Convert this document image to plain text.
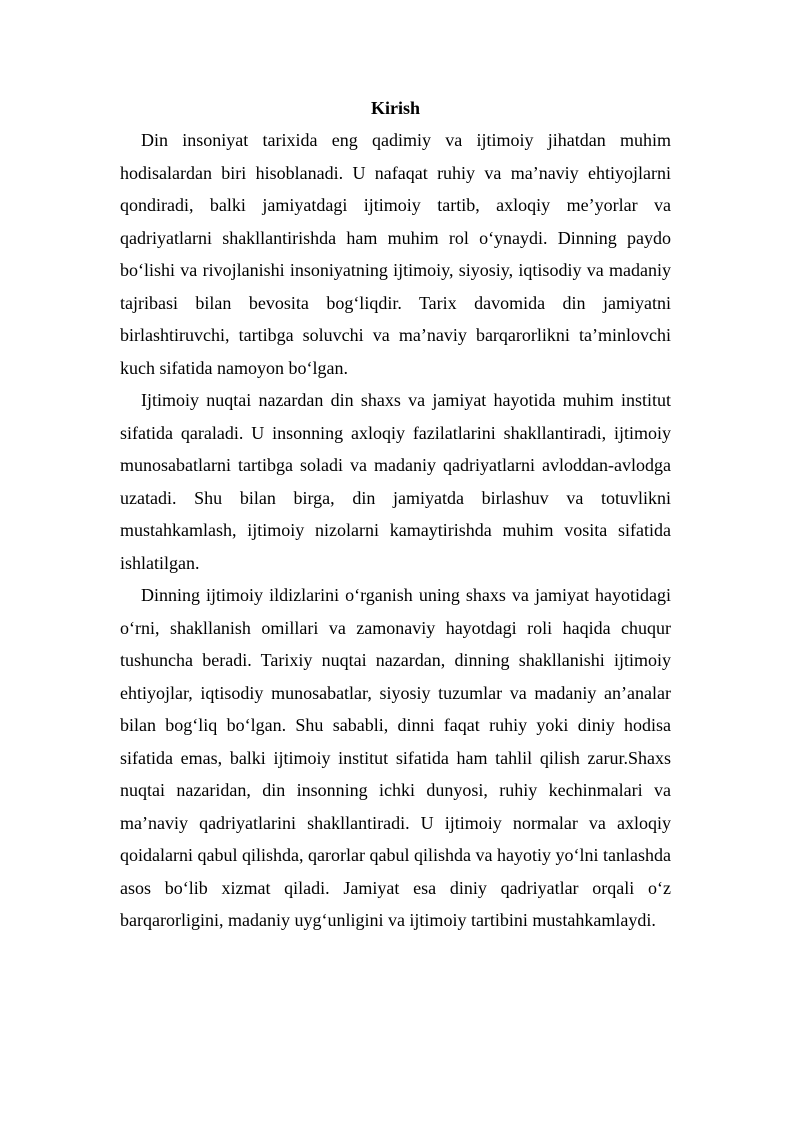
Kirish

Din insoniyat tarixida eng qadimiy va ijtimoiy jihatdan muhim hodisalardan biri hisoblanadi. U nafaqat ruhiy va ma’naviy ehtiyojlarni qondiradi, balki jamiyatdagi ijtimoiy tartib, axloqiy me’yorlar va qadriyatlarni shakllantirishda ham muhim rol o‘ynaydi. Dinning paydo bo‘lishi va rivojlanishi insoniyatning ijtimoiy, siyosiy, iqtisodiy va madaniy tajribasi bilan bevosita bog‘liqdir. Tarix davomida din jamiyatni birlashtiruvchi, tartibga soluvchi va ma’naviy barqarorlikni ta’minlovchi kuch sifatida namoyon bo‘lgan.

Ijtimoiy nuqtai nazardan din shaxs va jamiyat hayotida muhim institut sifatida qaraladi. U insonning axloqiy fazilatlarini shakllantiradi, ijtimoiy munosabatlarni tartibga soladi va madaniy qadriyatlarni avloddan-avlodga uzatadi. Shu bilan birga, din jamiyatda birlashuv va totuvlikni mustahkamlash, ijtimoiy nizolarni kamaytirishda muhim vosita sifatida ishlatilgan.

Dinning ijtimoiy ildizlarini o‘rganish uning shaxs va jamiyat hayotidagi o‘rni, shakllanish omillari va zamonaviy hayotdagi roli haqida chuqur tushuncha beradi. Tarixiy nuqtai nazardan, dinning shakllanishi ijtimoiy ehtiyojlar, iqtisodiy munosabatlar, siyosiy tuzumlar va madaniy an’analar bilan bog‘liq bo‘lgan. Shu sababli, dinni faqat ruhiy yoki diniy hodisa sifatida emas, balki ijtimoiy institut sifatida ham tahlil qilish zarur.Shaxs nuqtai nazaridan, din insonning ichki dunyosi, ruhiy kechinmalari va ma’naviy qadriyatlarini shakllantiradi. U ijtimoiy normalar va axloqiy qoidalarni qabul qilishda, qarorlar qabul qilishda va hayotiy yo‘lni tanlashda asos bo‘lib xizmat qiladi. Jamiyat esa diniy qadriyatlar orqali o‘z barqarorligini, madaniy uyg‘unligini va ijtimoiy tartibini mustahkamlaydi.
